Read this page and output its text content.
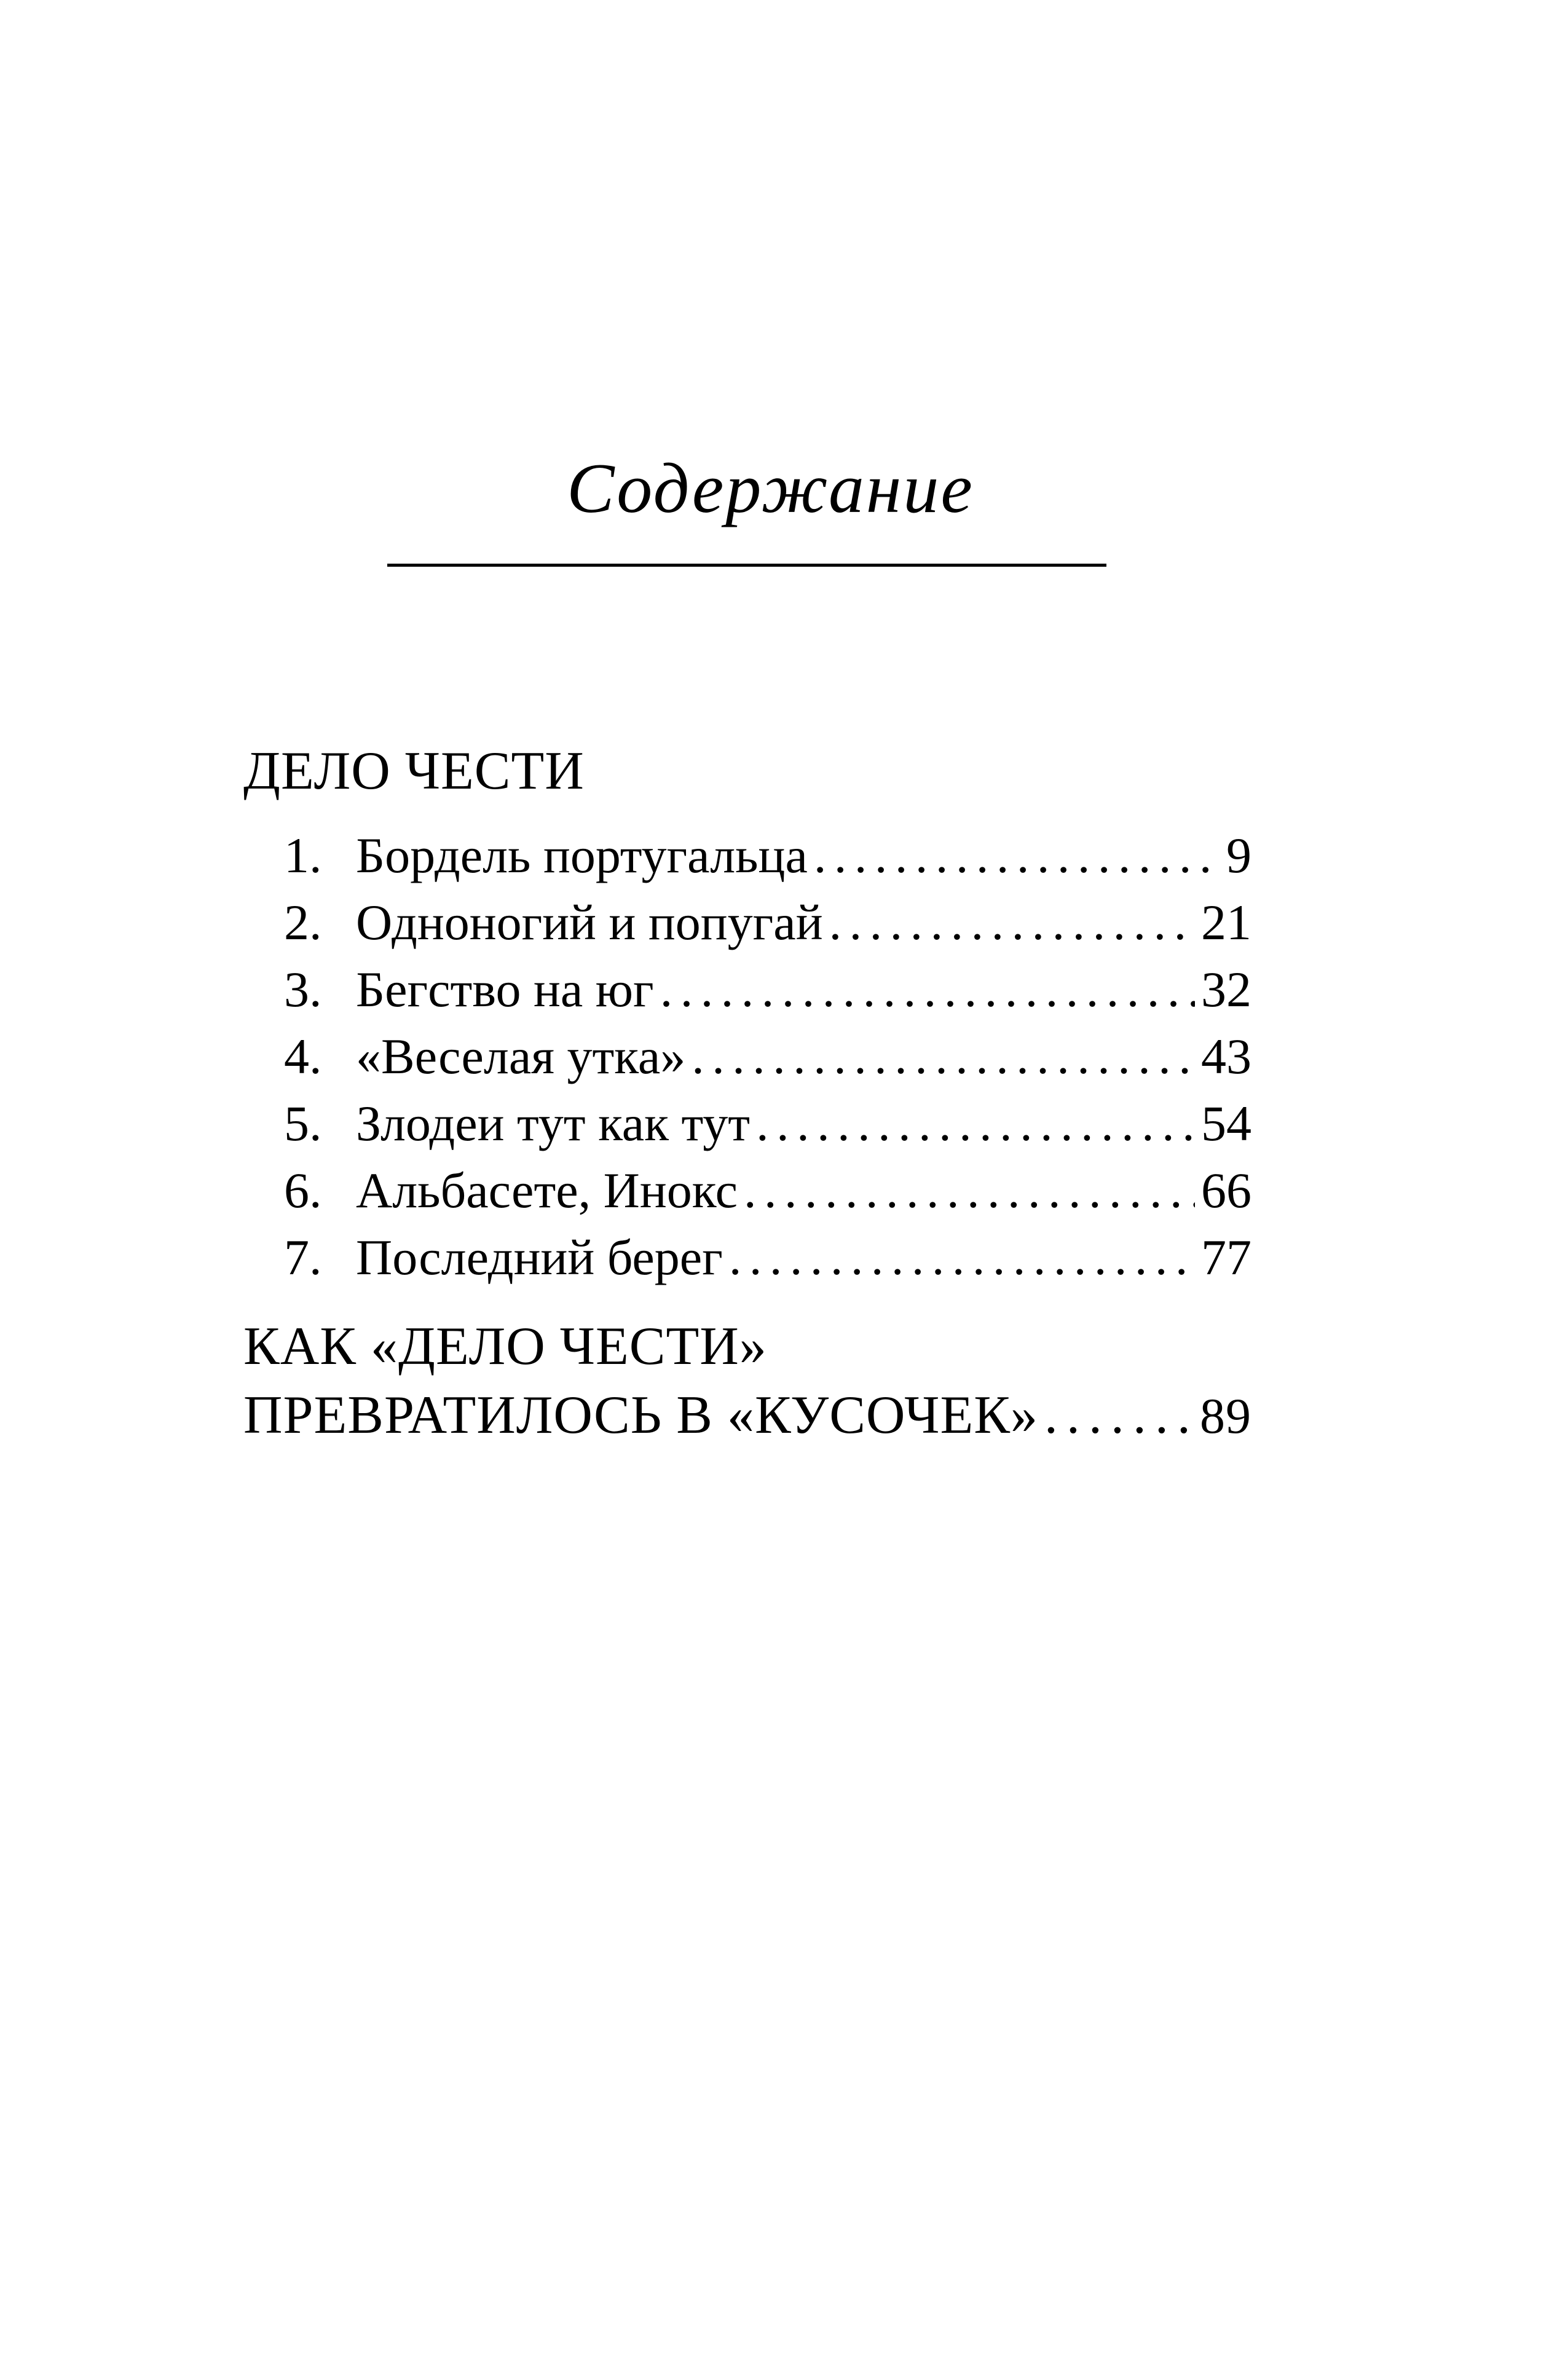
Содержание
ДЕЛО ЧЕСТИ
1. Бордель португальца . . .	9
2. Одноногий и попугай . . .	21
3. Бегство на юг . . .	32
4. «Веселая утка» . . .	43
5. Злодеи тут как тут . . .	54
6. Альбасете, Инокс . . .	66
7. Последний берег . . .	77
КАК «ДЕЛО ЧЕСТИ»
ПРЕВРАТИЛОСЬ В «КУСОЧЕК» . . .	89
